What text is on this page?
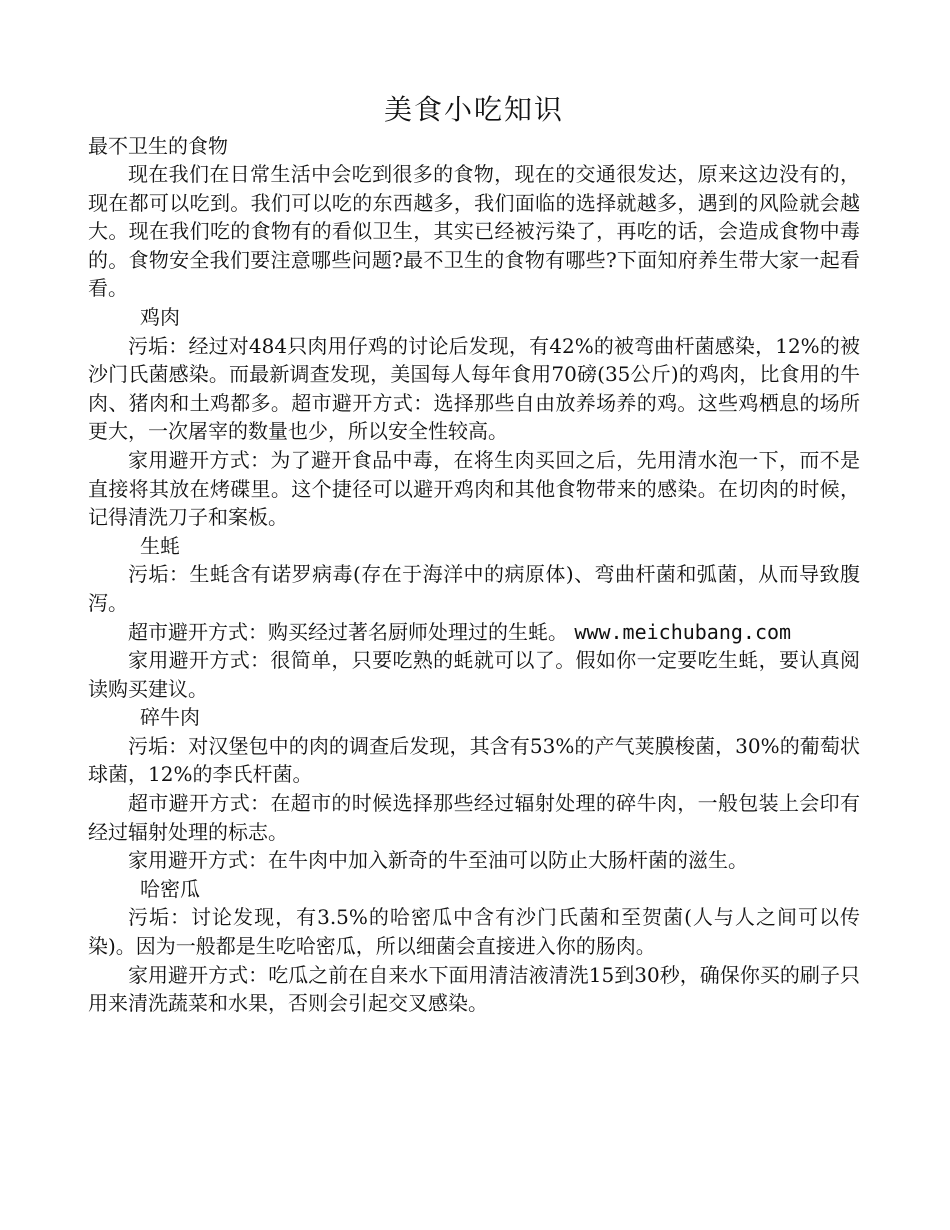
美食小吃知识

最不卫生的食物

现在我们在日常生活中会吃到很多的食物，现在的交通很发达，原来这边没有的，现在都可以吃到。我们可以吃的东西越多，我们面临的选择就越多，遇到的风险就会越大。现在我们吃的食物有的看似卫生，其实已经被污染了，再吃的话，会造成食物中毒的。食物安全我们要注意哪些问题?最不卫生的食物有哪些?下面知府养生带大家一起看看。

鸡肉

污垢：经过对484只肉用仔鸡的讨论后发现，有42%的被弯曲杆菌感染，12%的被沙门氏菌感染。而最新调查发现，美国每人每年食用70磅(35公斤)的鸡肉，比食用的牛肉、猪肉和土鸡都多。超市避开方式：选择那些自由放养场养的鸡。这些鸡栖息的场所更大，一次屠宰的数量也少，所以安全性较高。

家用避开方式：为了避开食品中毒，在将生肉买回之后，先用清水泡一下，而不是直接将其放在烤碟里。这个捷径可以避开鸡肉和其他食物带来的感染。在切肉的时候，记得清洗刀子和案板。

生蚝

污垢：生蚝含有诺罗病毒(存在于海洋中的病原体)、弯曲杆菌和弧菌，从而导致腹泻。

超市避开方式：购买经过著名厨师处理过的生蚝。 www.meichubang.com

家用避开方式：很简单，只要吃熟的蚝就可以了。假如你一定要吃生蚝，要认真阅读购买建议。

碎牛肉

污垢：对汉堡包中的肉的调查后发现，其含有53%的产气荚膜梭菌，30%的葡萄状球菌，12%的李氏杆菌。

超市避开方式：在超市的时候选择那些经过辐射处理的碎牛肉，一般包装上会印有经过辐射处理的标志。

家用避开方式：在牛肉中加入新奇的牛至油可以防止大肠杆菌的滋生。

哈密瓜

污垢：讨论发现，有3.5%的哈密瓜中含有沙门氏菌和至贺菌(人与人之间可以传染)。因为一般都是生吃哈密瓜，所以细菌会直接进入你的肠肉。

家用避开方式：吃瓜之前在自来水下面用清洁液清洗15到30秒，确保你买的刷子只用来清洗蔬菜和水果，否则会引起交叉感染。
